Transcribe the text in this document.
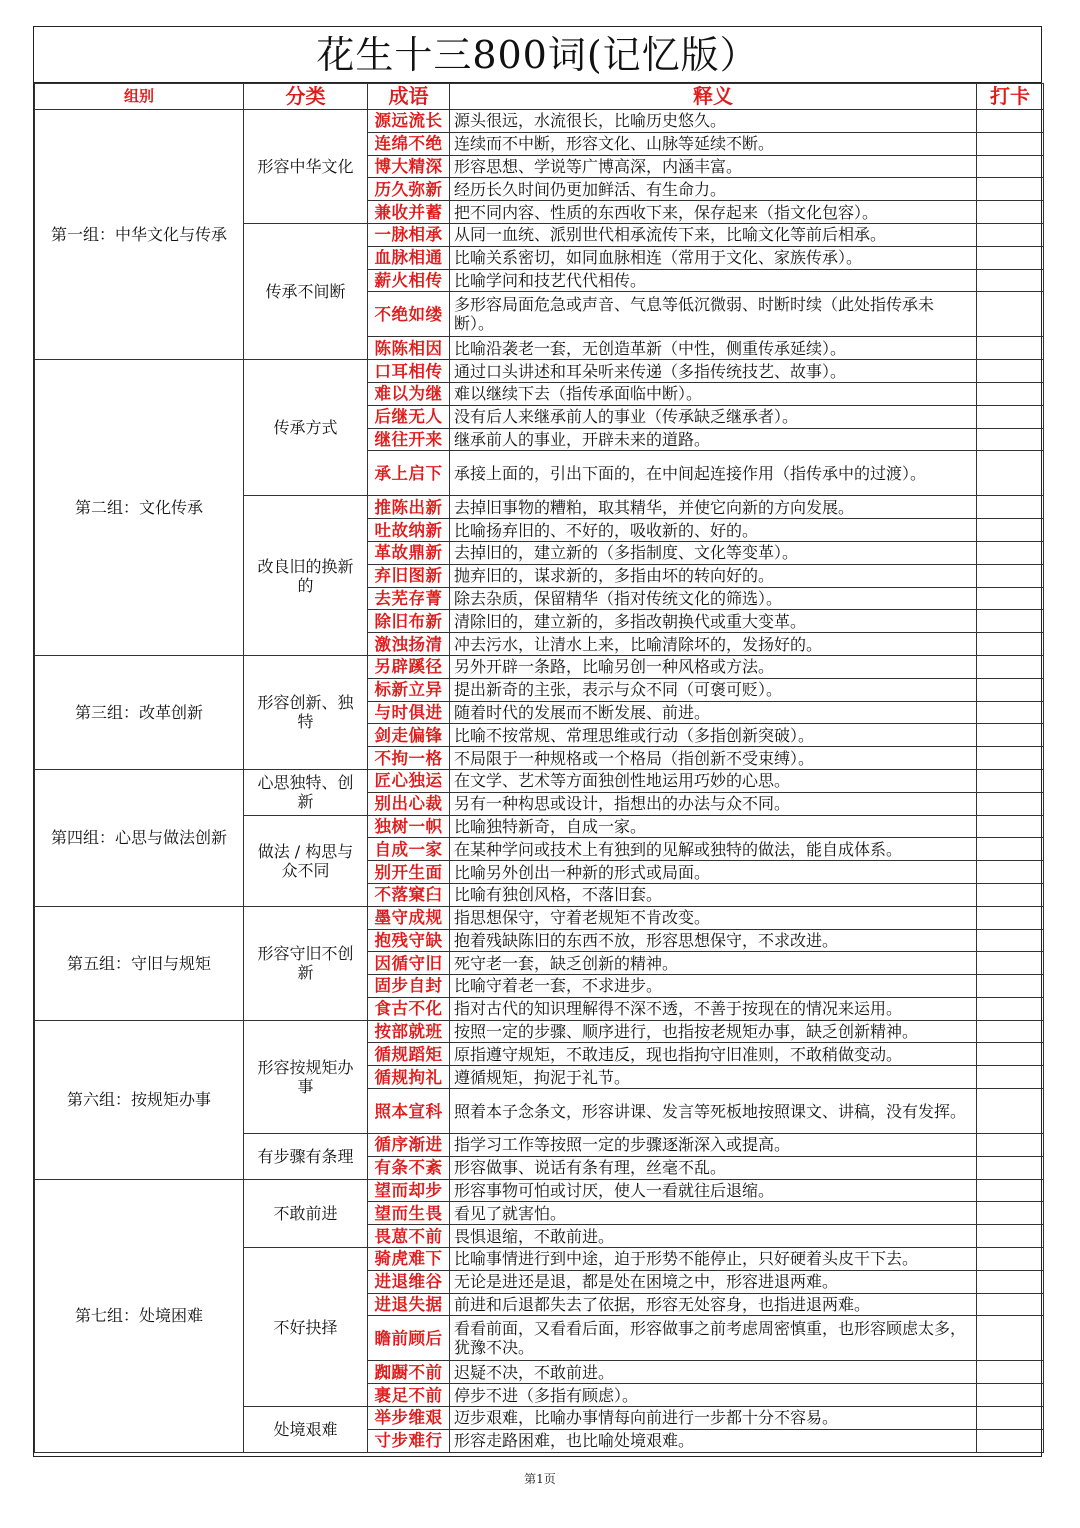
花生十三800词(记忆版）
组别	分类	成语	释义	打卡
第一组：中华文化与传承	形容中华文化	源远流长	源头很远，水流很长，比喻历史悠久。	
		连绵不绝	连续而不中断，形容文化、山脉等延续不断。	
		博大精深	形容思想、学说等广博高深，内涵丰富。	
		历久弥新	经历长久时间仍更加鲜活、有生命力。	
		兼收并蓄	把不同内容、性质的东西收下来，保存起来（指文化包容）。	
	传承不间断	一脉相承	从同一血统、派别世代相承流传下来，比喻文化等前后相承。	
		血脉相通	比喻关系密切，如同血脉相连（常用于文化、家族传承）。	
		薪火相传	比喻学问和技艺代代相传。	
		不绝如缕	多形容局面危急或声音、气息等低沉微弱、时断时续（此处指传承未断）。	
		陈陈相因	比喻沿袭老一套，无创造革新（中性，侧重传承延续）。	
第二组：文化传承	传承方式	口耳相传	通过口头讲述和耳朵听来传递（多指传统技艺、故事）。	
		难以为继	难以继续下去（指传承面临中断）。	
		后继无人	没有后人来继承前人的事业（传承缺乏继承者）。	
		继往开来	继承前人的事业，开辟未来的道路。	
		承上启下	承接上面的，引出下面的，在中间起连接作用（指传承中的过渡）。	
	改良旧的换新的	推陈出新	去掉旧事物的糟粕，取其精华，并使它向新的方向发展。	
		吐故纳新	比喻扬弃旧的、不好的，吸收新的、好的。	
		革故鼎新	去掉旧的，建立新的（多指制度、文化等变革）。	
		弃旧图新	抛弃旧的，谋求新的，多指由坏的转向好的。	
		去芜存菁	除去杂质，保留精华（指对传统文化的筛选）。	
		除旧布新	清除旧的，建立新的，多指改朝换代或重大变革。	
		激浊扬清	冲去污水，让清水上来，比喻清除坏的，发扬好的。	
第三组：改革创新	形容创新、独特	另辟蹊径	另外开辟一条路，比喻另创一种风格或方法。	
		标新立异	提出新奇的主张，表示与众不同（可褒可贬）。	
		与时俱进	随着时代的发展而不断发展、前进。	
		剑走偏锋	比喻不按常规、常理思维或行动（多指创新突破）。	
		不拘一格	不局限于一种规格或一个格局（指创新不受束缚）。	
第四组：心思与做法创新	心思独特、创新	匠心独运	在文学、艺术等方面独创性地运用巧妙的心思。	
		别出心裁	另有一种构思或设计，指想出的办法与众不同。	
	做法 / 构思与众不同	独树一帜	比喻独特新奇，自成一家。	
		自成一家	在某种学问或技术上有独到的见解或独特的做法，能自成体系。	
		别开生面	比喻另外创出一种新的形式或局面。	
		不落窠臼	比喻有独创风格，不落旧套。	
第五组：守旧与规矩	形容守旧不创新	墨守成规	指思想保守，守着老规矩不肯改变。	
		抱残守缺	抱着残缺陈旧的东西不放，形容思想保守，不求改进。	
		因循守旧	死守老一套，缺乏创新的精神。	
		固步自封	比喻守着老一套，不求进步。	
		食古不化	指对古代的知识理解得不深不透，不善于按现在的情况来运用。	
第六组：按规矩办事	形容按规矩办事	按部就班	按照一定的步骤、顺序进行，也指按老规矩办事，缺乏创新精神。	
		循规蹈矩	原指遵守规矩，不敢违反，现也指拘守旧准则，不敢稍做变动。	
		循规拘礼	遵循规矩，拘泥于礼节。	
		照本宣科	照着本子念条文，形容讲课、发言等死板地按照课文、讲稿，没有发挥。	
	有步骤有条理	循序渐进	指学习工作等按照一定的步骤逐渐深入或提高。	
		有条不紊	形容做事、说话有条有理，丝毫不乱。	
第七组：处境困难	不敢前进	望而却步	形容事物可怕或讨厌，使人一看就往后退缩。	
		望而生畏	看见了就害怕。	
		畏葸不前	畏惧退缩，不敢前进。	
	不好抉择	骑虎难下	比喻事情进行到中途，迫于形势不能停止，只好硬着头皮干下去。	
		进退维谷	无论是进还是退，都是处在困境之中，形容进退两难。	
		进退失据	前进和后退都失去了依据，形容无处容身，也指进退两难。	
		瞻前顾后	看看前面，又看看后面，形容做事之前考虑周密慎重，也形容顾虑太多，犹豫不决。	
		踟蹰不前	迟疑不决，不敢前进。	
		裹足不前	停步不进（多指有顾虑）。	
	处境艰难	举步维艰	迈步艰难，比喻办事情每向前进行一步都十分不容易。	
		寸步难行	形容走路困难，也比喻处境艰难。	
第1页
